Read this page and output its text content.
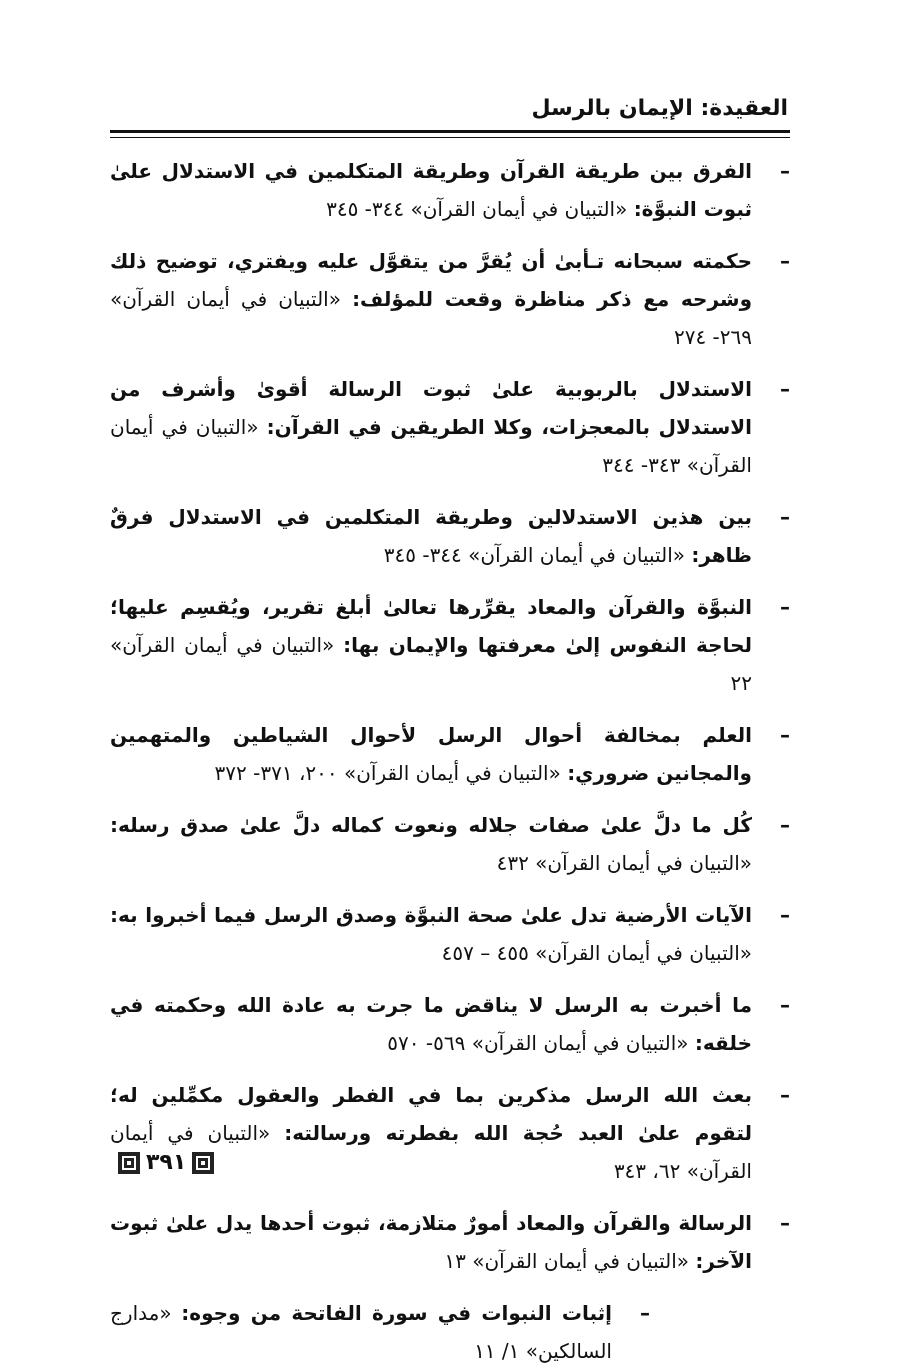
العقيدة: الإيمان بالرسل
–
الفرق بين طريقة القرآن وطريقة المتكلمين في الاستدلال علىٰ ثبوت النبوَّة: «التبيان في أيمان القرآن» ٣٤٤- ٣٤٥
–
حكمته سبحانه تـأبىٰ أن يُقرَّ من يتقوَّل عليه ويفتري، توضيح ذلك وشرحه مع ذكر مناظرة وقعت للمؤلف: «التبيان في أيمان القرآن» ٢٦٩- ٢٧٤
–
الاستدلال بالربوبية علىٰ ثبوت الرسالة أقوىٰ وأشرف من الاستدلال بالمعجزات، وكلا الطريقين في القرآن: «التبيان في أيمان القرآن» ٣٤٣- ٣٤٤
–
بين هذين الاستدلالين وطريقة المتكلمين في الاستدلال فرقٌ ظاهر: «التبيان في أيمان القرآن» ٣٤٤- ٣٤٥
–
النبوَّة والقرآن والمعاد يقرِّرها تعالىٰ أبلغ تقرير، ويُقسِم عليها؛ لحاجة النفوس إلىٰ معرفتها والإيمان بها: «التبيان في أيمان القرآن» ٢٢
–
العلم بمخالفة أحوال الرسل لأحوال الشياطين والمتهمين والمجانين ضروري: «التبيان في أيمان القرآن» ٢٠٠، ٣٧١- ٣٧٢
–
كُل ما دلَّ علىٰ صفات جلاله ونعوت كماله دلَّ علىٰ صدق رسله: «التبيان في أيمان القرآن» ٤٣٢
–
الآيات الأرضية تدل علىٰ صحة النبوَّة وصدق الرسل فيما أخبروا به: «التبيان في أيمان القرآن» ٤٥٥ – ٤٥٧
–
ما أخبرت به الرسل لا يناقض ما جرت به عادة الله وحكمته في خلقه: «التبيان في أيمان القرآن» ٥٦٩- ٥٧٠
–
بعث الله الرسل مذكرين بما في الفطر والعقول مكمِّلين له؛ لتقوم علىٰ العبد حُجة الله بفطرته ورسالته: «التبيان في أيمان القرآن» ٦٢، ٣٤٣
–
الرسالة والقرآن والمعاد أمورٌ متلازمة، ثبوت أحدها يدل علىٰ ثبوت الآخر: «التبيان في أيمان القرآن» ١٣
–
إثبات النبوات في سورة الفاتحة من وجوه: «مدارج السالكين» ١/ ١١
٣٩١
